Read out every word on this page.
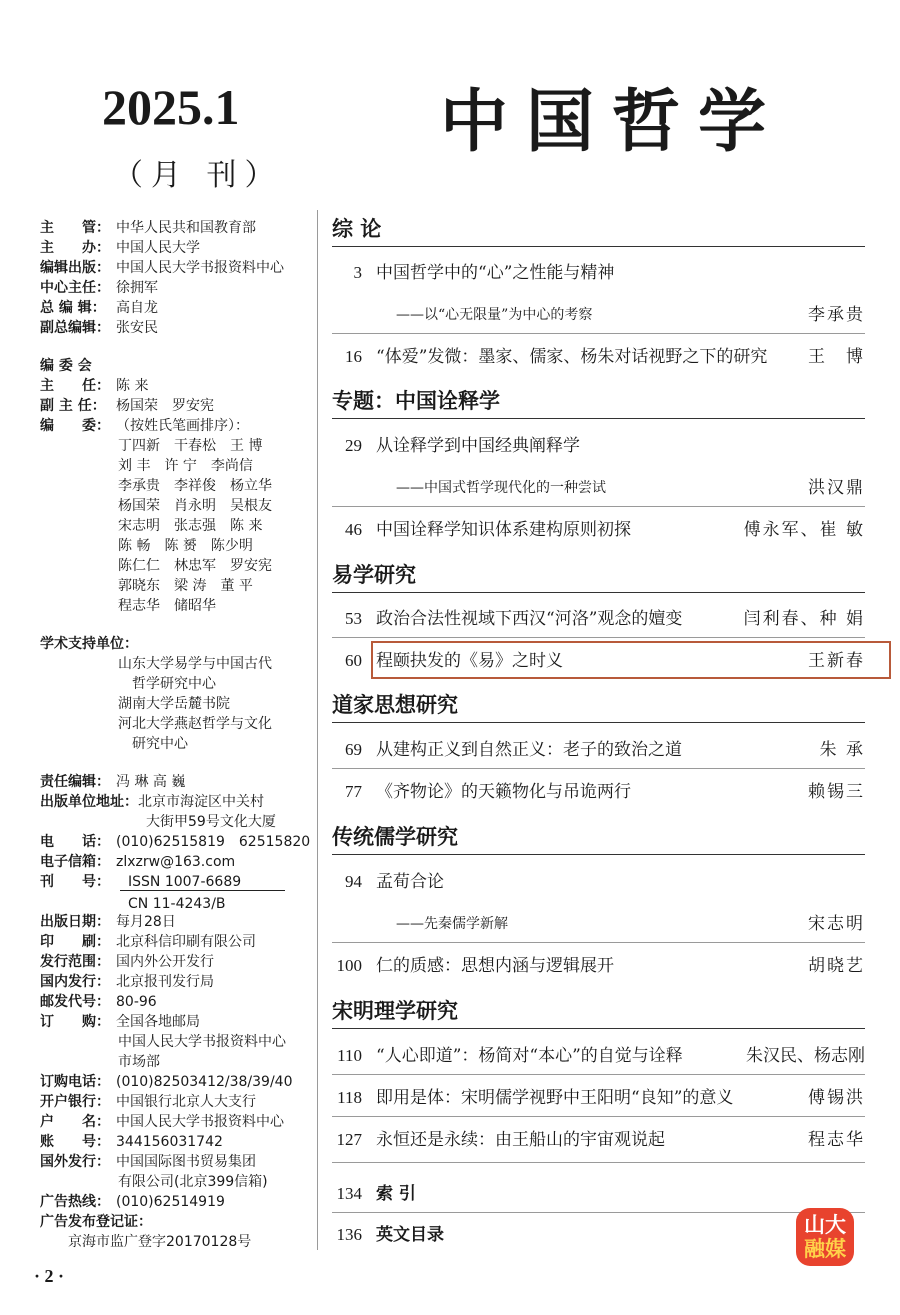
2025.1	中国哲学
（月 刊）
主　　管： 中华人民共和国教育部
主　　办： 中国人民大学
编辑出版： 中国人民大学书报资料中心
中心主任： 徐拥军
总 编 辑： 高自龙
副总编辑： 张安民
编 委 会
主　　任： 陈 来
副 主 任： 杨国荣　罗安宪
编　　委： （按姓氏笔画排序）：
丁四新　干春松　王 博
刘 丰　许 宁　李尚信
李承贵　李祥俊　杨立华
杨国荣　肖永明　吴根友
宋志明　张志强　陈 来
陈 畅　陈 赟　陈少明
陈仁仁　林忠军　罗安宪
郭晓东　梁 涛　董 平
程志华　储昭华
学术支持单位：
山东大学易学与中国古代
　哲学研究中心
湖南大学岳麓书院
河北大学燕赵哲学与文化
　研究中心
责任编辑： 冯 琳 高 巍
出版单位地址：北京市海淀区中关村
大街甲59号文化大厦
电　　话： (010)62515819　62515820
电子信箱： zlxzrw@163.com
刊　　号： ISSN 1007-6689
CN 11-4243/B
出版日期： 每月28日
印　　刷： 北京科信印刷有限公司
发行范围： 国内外公开发行
国内发行： 北京报刊发行局
邮发代号： 80-96
订　　购： 全国各地邮局
中国人民大学书报资料中心
市场部
订购电话： (010)82503412/38/39/40
开户银行： 中国银行北京人大支行
户　　名： 中国人民大学书报资料中心
账　　号： 344156031742
国外发行： 中国国际图书贸易集团
有限公司(北京399信箱)
广告热线： (010)62514919
广告发布登记证：
京海市监广登字20170128号
综 论
3 中国哲学中的“心”之性能与精神
——以“心无限量”为中心的考察	李承贵
16 “体爱”发微：墨家、儒家、杨朱对话视野之下的研究 王　博
专题：中国诠释学
29 从诠释学到中国经典阐释学
——中国式哲学现代化的一种尝试	洪汉鼎
46 中国诠释学知识体系建构原则初探	傅永军、崔 敏
易学研究
53 政治合法性视域下西汉“河洛”观念的嬗变	闫利春、种 娟
60 程颐抉发的《易》之时义	王新春
道家思想研究
69 从建构正义到自然正义：老子的致治之道	朱 承
77 《齐物论》的天籁物化与吊诡两行	赖锡三
传统儒学研究
94 孟荀合论
——先秦儒学新解	宋志明
100 仁的质感：思想内涵与逻辑展开	胡晓艺
宋明理学研究
110 “人心即道”：杨简对“本心”的自觉与诠释	朱汉民、杨志刚
118 即用是体：宋明儒学视野中王阳明“良知”的意义	傅锡洪
127 永恒还是永续：由王船山的宇宙观说起	程志华
134 索 引
136 英文目录
· 2 ·
山大
融媒
